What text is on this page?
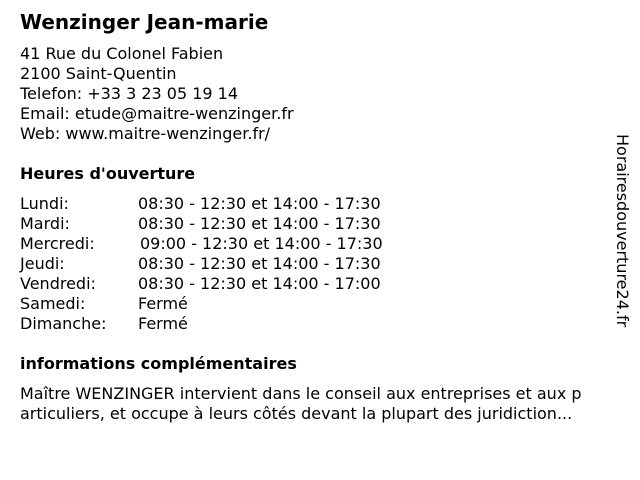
Wenzinger Jean-marie
41 Rue du Colonel Fabien
2100 Saint-Quentin
Telefon: +33 3 23 05 19 14
Email: etude@maitre-wenzinger.fr
Web: www.maitre-wenzinger.fr/
Heures d'ouverture
Lundi:	08:30 - 12:30 et 14:00 - 17:30
Mardi:	08:30 - 12:30 et 14:00 - 17:30
Mercredi:	09:00 - 12:30 et 14:00 - 17:30
Jeudi:	08:30 - 12:30 et 14:00 - 17:30
Vendredi:	08:30 - 12:30 et 14:00 - 17:00
Samedi:	Fermé
Dimanche: Fermé
informations complémentaires
Maître WENZINGER intervient dans le conseil aux entreprises et aux p
articuliers, et occupe à leurs côtés devant la plupart des juridiction...
Horairesdouverture24.fr
